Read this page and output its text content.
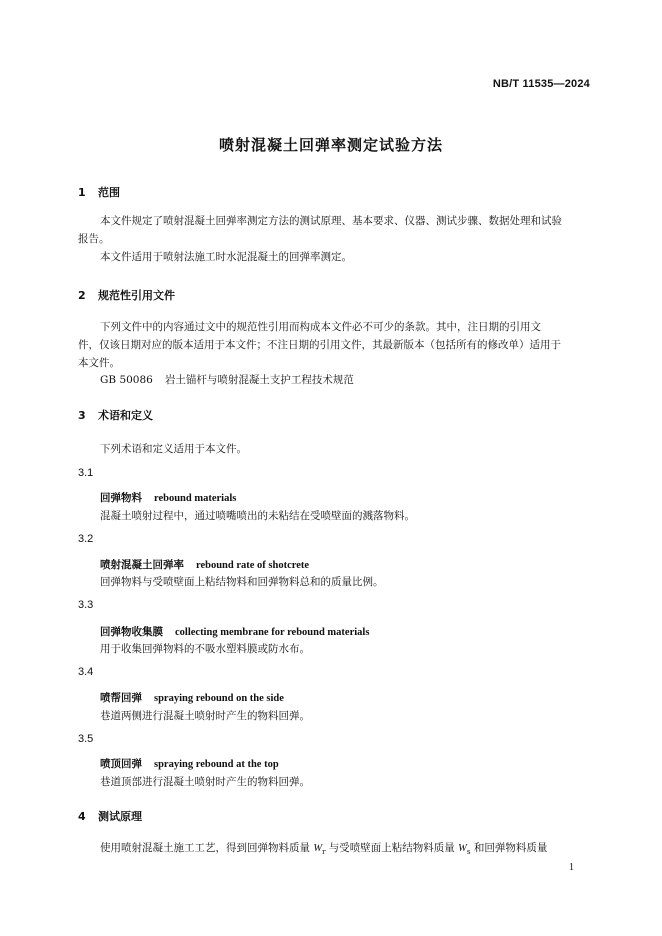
NB/T 11535—2024
喷射混凝土回弹率测定试验方法
1 范围
本文件规定了喷射混凝土回弹率测定方法的测试原理、基本要求、仪器、测试步骤、数据处理和试验
报告。
本文件适用于喷射法施工时水泥混凝土的回弹率测定。
2 规范性引用文件
下列文件中的内容通过文中的规范性引用而构成本文件必不可少的条款。其中，注日期的引用文
件，仅该日期对应的版本适用于本文件；不注日期的引用文件，其最新版本（包括所有的修改单）适用于
本文件。
GB 50086 岩土锚杆与喷射混凝土支护工程技术规范
3 术语和定义
下列术语和定义适用于本文件。
3.1
回弹物料 rebound materials
混凝土喷射过程中，通过喷嘴喷出的未粘结在受喷壁面的溅落物料。
3.2
喷射混凝土回弹率 rebound rate of shotcrete
回弹物料与受喷壁面上粘结物料和回弹物料总和的质量比例。
3.3
回弹物收集膜 collecting membrane for rebound materials
用于收集回弹物料的不吸水塑料膜或防水布。
3.4
喷帮回弹 spraying rebound on the side
巷道两侧进行混凝土喷射时产生的物料回弹。
3.5
喷顶回弹 spraying rebound at the top
巷道顶部进行混凝土喷射时产生的物料回弹。
4 测试原理
使用喷射混凝土施工工艺，得到回弹物料质量 $W_r$ 与受喷壁面上粘结物料质量 $W_s$ 和回弹物料质量
1
